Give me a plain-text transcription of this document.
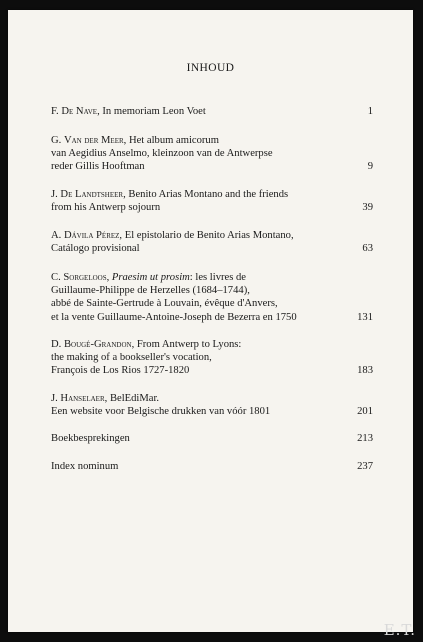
INHOUD
F. De Nave, In memoriam Leon Voet	1
G. Van der Meer, Het album amicorum
van Aegidius Anselmo, kleinzoon van de Antwerpse
reder Gillis Hooftman	9
J. De Landtsheer, Benito Arias Montano and the friends
from his Antwerp sojourn	39
A. Dávila Pérez, El epistolario de Benito Arias Montano,
Catálogo provisional	63
C. Sorgeloos, Praesim ut prosim: les livres de
Guillaume-Philippe de Herzelles (1684–1744),
abbé de Sainte-Gertrude à Louvain, évêque d'Anvers,
et la vente Guillaume-Antoine-Joseph de Bezerra en 1750	131
D. Bougé-Grandon, From Antwerp to Lyons:
the making of a bookseller's vocation,
François de Los Rios 1727-1820	183
J. Hanselaer, BelEdiMar.
Een website voor Belgische drukken van vóór 1801	201
Boekbesprekingen	213
Index nominum	237
E.T.
